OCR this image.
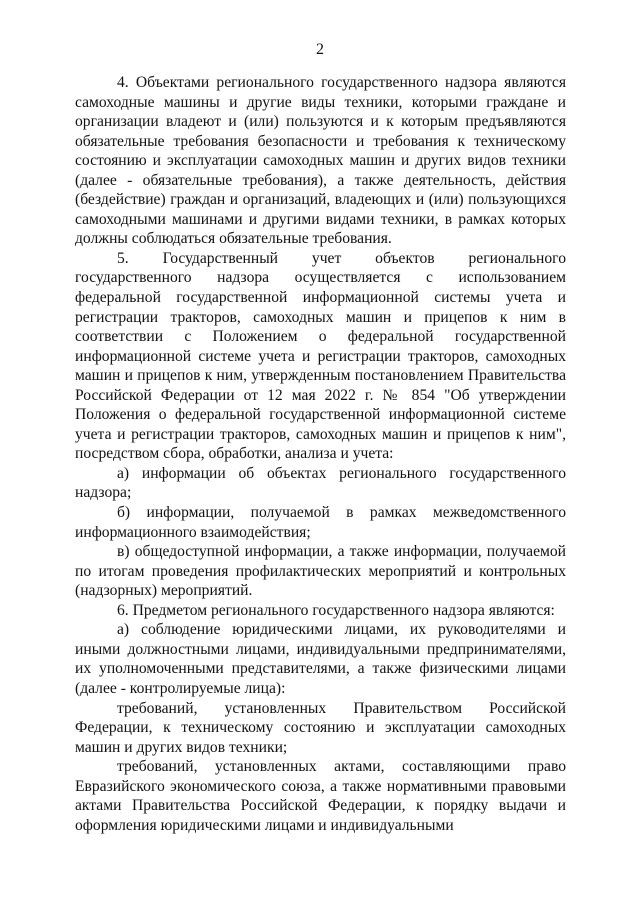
2

4. Объектами регионального государственного надзора являются самоходные машины и другие виды техники, которыми граждане и организации владеют и (или) пользуются и к которым предъявляются обязательные требования безопасности и требования к техническому состоянию и эксплуатации самоходных машин и других видов техники (далее - обязательные требования), а также деятельность, действия (бездействие) граждан и организаций, владеющих и (или) пользующихся самоходными машинами и другими видами техники, в рамках которых должны соблюдаться обязательные требования.

5. Государственный учет объектов регионального государственного надзора осуществляется с использованием федеральной государственной информационной системы учета и регистрации тракторов, самоходных машин и прицепов к ним в соответствии с Положением о федеральной государственной информационной системе учета и регистрации тракторов, самоходных машин и прицепов к ним, утвержденным постановлением Правительства Российской Федерации от 12 мая 2022 г. № 854 "Об утверждении Положения о федеральной государственной информационной системе учета и регистрации тракторов, самоходных машин и прицепов к ним", посредством сбора, обработки, анализа и учета:

а) информации об объектах регионального государственного надзора;

б) информации, получаемой в рамках межведомственного информационного взаимодействия;

в) общедоступной информации, а также информации, получаемой по итогам проведения профилактических мероприятий и контрольных (надзорных) мероприятий.

6. Предметом регионального государственного надзора являются:

а) соблюдение юридическими лицами, их руководителями и иными должностными лицами, индивидуальными предпринимателями, их уполномоченными представителями, а также физическими лицами (далее - контролируемые лица):

требований, установленных Правительством Российской Федерации, к техническому состоянию и эксплуатации самоходных машин и других видов техники;

требований, установленных актами, составляющими право Евразийского экономического союза, а также нормативными правовыми актами Правительства Российской Федерации, к порядку выдачи и оформления юридическими лицами и индивидуальными
